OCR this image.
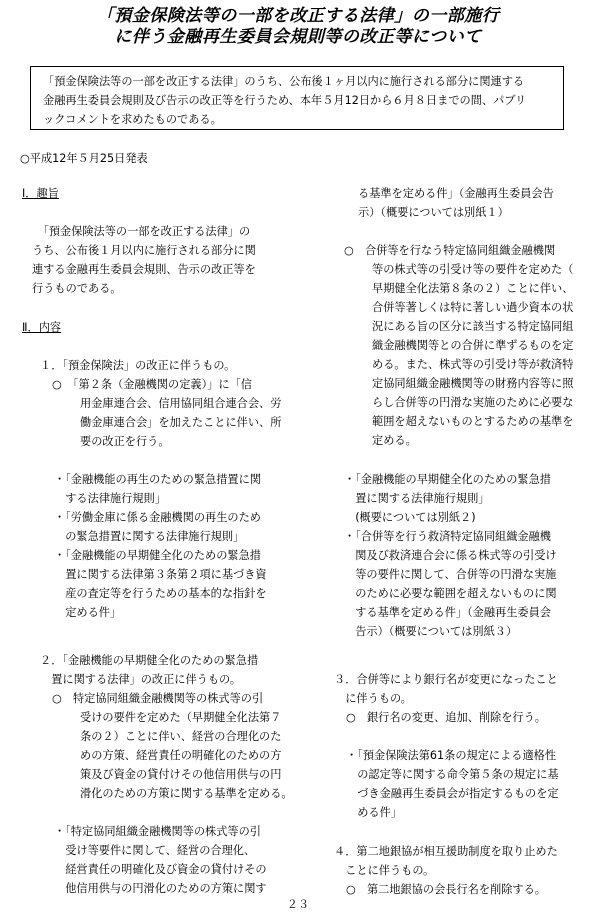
「預金保険法等の一部を改正する法律」の一部施行
に伴う金融再生委員会規則等の改正等について
「預金保険法等の一部を改正する法律」のうち、公布後１ヶ月以内に施行される部分に関連する
金融再生委員会規則及び告示の改正等を行うため、本年５月12日から６月８日までの間、パブリ
ックコメントを求めたものである。
○平成12年５月25日発表
Ⅰ．趣旨
　「預金保険法等の一部を改正する法律」の
うち、公布後１月以内に施行される部分に関
連する金融再生委員会規則、告示の改正等を
行うものである。
Ⅱ．内容
１．「預金保険法」の改正に伴うもの。
○　「第２条（金融機関の定義）」に「信
用金庫連合会、信用協同組合連合会、労
働金庫連合会」を加えたことに伴い、所
要の改正を行う。
・「金融機能の再生のための緊急措置に関
　する法律施行規則」
・「労働金庫に係る金融機関の再生のため
　の緊急措置に関する法律施行規則」
・「金融機能の早期健全化のための緊急措
　置に関する法律第３条第２項に基づき資
　産の査定等を行うための基本的な指針を
　定める件」
２．「金融機能の早期健全化のための緊急措
　置に関する法律」の改正に伴うもの。
○　特定協同組織金融機関等の株式等の引
受けの要件を定めた（早期健全化法第７
条の２）ことに伴い、経営の合理化のた
めの方策、経営責任の明確化のための方
策及び資金の貸付けその他信用供与の円
滑化のための方策に関する基準を定める。
・「特定協同組織金融機関等の株式等の引
　受け等要件に関して、経営の合理化、
　経営責任の明確化及び資金の貸付けその
　他信用供与の円滑化のための方策に関す
る基準を定める件」（金融再生委員会告
示）（概要については別紙１）
○　合併等を行なう特定協同組織金融機関
等の株式等の引受け等の要件を定めた（
早期健全化法第８条の２）ことに伴い、
合併等著しくは特に著しい過少資本の状
況にある旨の区分に該当する特定協同組
織金融機関等との合併に準ずるものを定
める。また、株式等の引受け等が救済特
定協同組織金融機関等の財務内容等に照
らし合併等の円滑な実施のために必要な
範囲を超えないものとするための基準を
定める。
・「金融機能の早期健全化のための緊急措
　置に関する法律施行規則」
　(概要については別紙２)
・「合併等を行う救済特定協同組織金融機
　関及び救済連合会に係る株式等の引受け
　等の要件に関して、合併等の円滑な実施
　のために必要な範囲を超えないものに関
　する基準を定める件」（金融再生委員会
　告示）（概要については別紙３）
３．合併等により銀行名が変更になったこと
　に伴うもの。
○　銀行名の変更、追加、削除を行う。
・「預金保険法第61条の規定による適格性
　の認定等に関する命令第５条の規定に基
　づき金融再生委員会が指定するものを定
　める件」
４．第二地銀協が相互援助制度を取り止めた
　ことに伴うもの。
○　第二地銀協の会長行名を削除する。
２３
